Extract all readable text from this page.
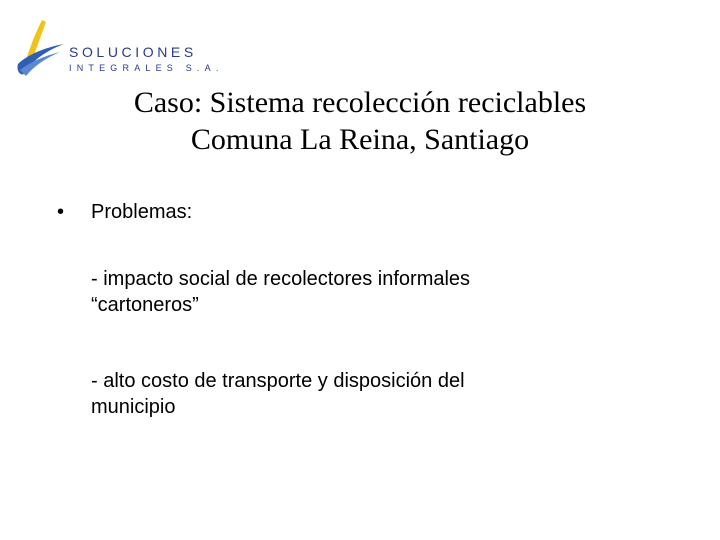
SOLUCIONES
INTEGRALES S.A.
Caso: Sistema recolección reciclables
Comuna La Reina, Santiago
• Problemas:
- impacto social de recolectores informales
“cartoneros”
- alto costo de transporte y disposición del
municipio
